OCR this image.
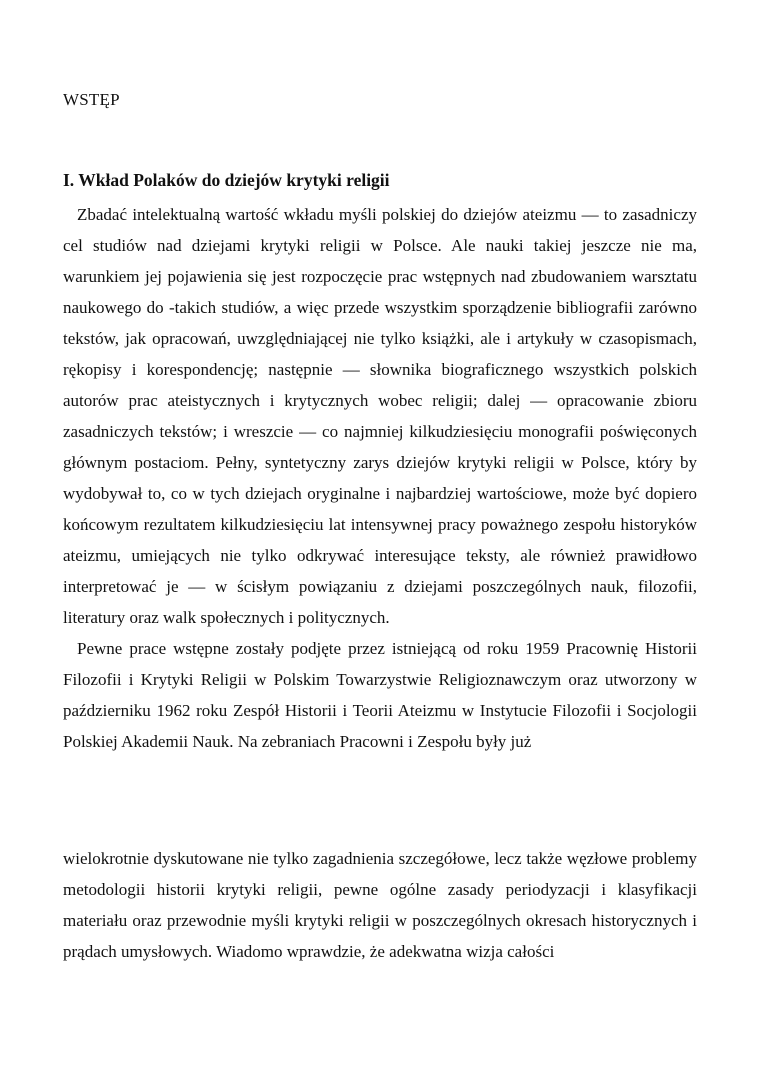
WSTĘP
I. Wkład Polaków do dziejów krytyki religii

Zbadać intelektualną wartość wkładu myśli polskiej do dziejów ateizmu — to zasadniczy cel studiów nad dziejami krytyki religii w Polsce. Ale nauki takiej jeszcze nie ma, warunkiem jej pojawienia się jest rozpoczęcie prac wstępnych nad zbudowaniem warsztatu naukowego do -takich studiów, a więc przede wszystkim sporządzenie bibliografii zarówno tekstów, jak opracowań, uwzględniającej nie tylko książki, ale i artykuły w czasopismach, rękopisy i korespondencję; następnie — słownika biograficznego wszystkich polskich autorów prac ateistycznych i krytycznych wobec religii; dalej — opracowanie zbioru zasadniczych tekstów; i wreszcie — co najmniej kilkudziesięciu monografii poświęconych głównym postaciom. Pełny, syntetyczny zarys dziejów krytyki religii w Polsce, który by wydobywał to, co w tych dziejach oryginalne i najbardziej wartościowe, może być dopiero końcowym rezultatem kilkudziesięciu lat intensywnej pracy poważnego zespołu historyków ateizmu, umiejących nie tylko odkrywać interesujące teksty, ale również prawidłowo interpretować je — w ścisłym powiązaniu z dziejami poszczególnych nauk, filozofii, literatury oraz walk społecznych i politycznych.

Pewne prace wstępne zostały podjęte przez istniejącą od roku 1959 Pracownię Historii Filozofii i Krytyki Religii w Polskim Towarzystwie Religioznawczym oraz utworzony w październiku 1962 roku Zespół Historii i Teorii Ateizmu w Instytucie Filozofii i Socjologii Polskiej Akademii Nauk. Na zebraniach Pracowni i Zespołu były już

wielokrotnie dyskutowane nie tylko zagadnienia szczegółowe, lecz także węzłowe problemy metodologii historii krytyki religii, pewne ogólne zasady periodyzacji i klasyfikacji materiału oraz przewodnie myśli krytyki religii w poszczególnych okresach historycznych i prądach umysłowych. Wiadomo wprawdzie, że adekwatna wizja całości
